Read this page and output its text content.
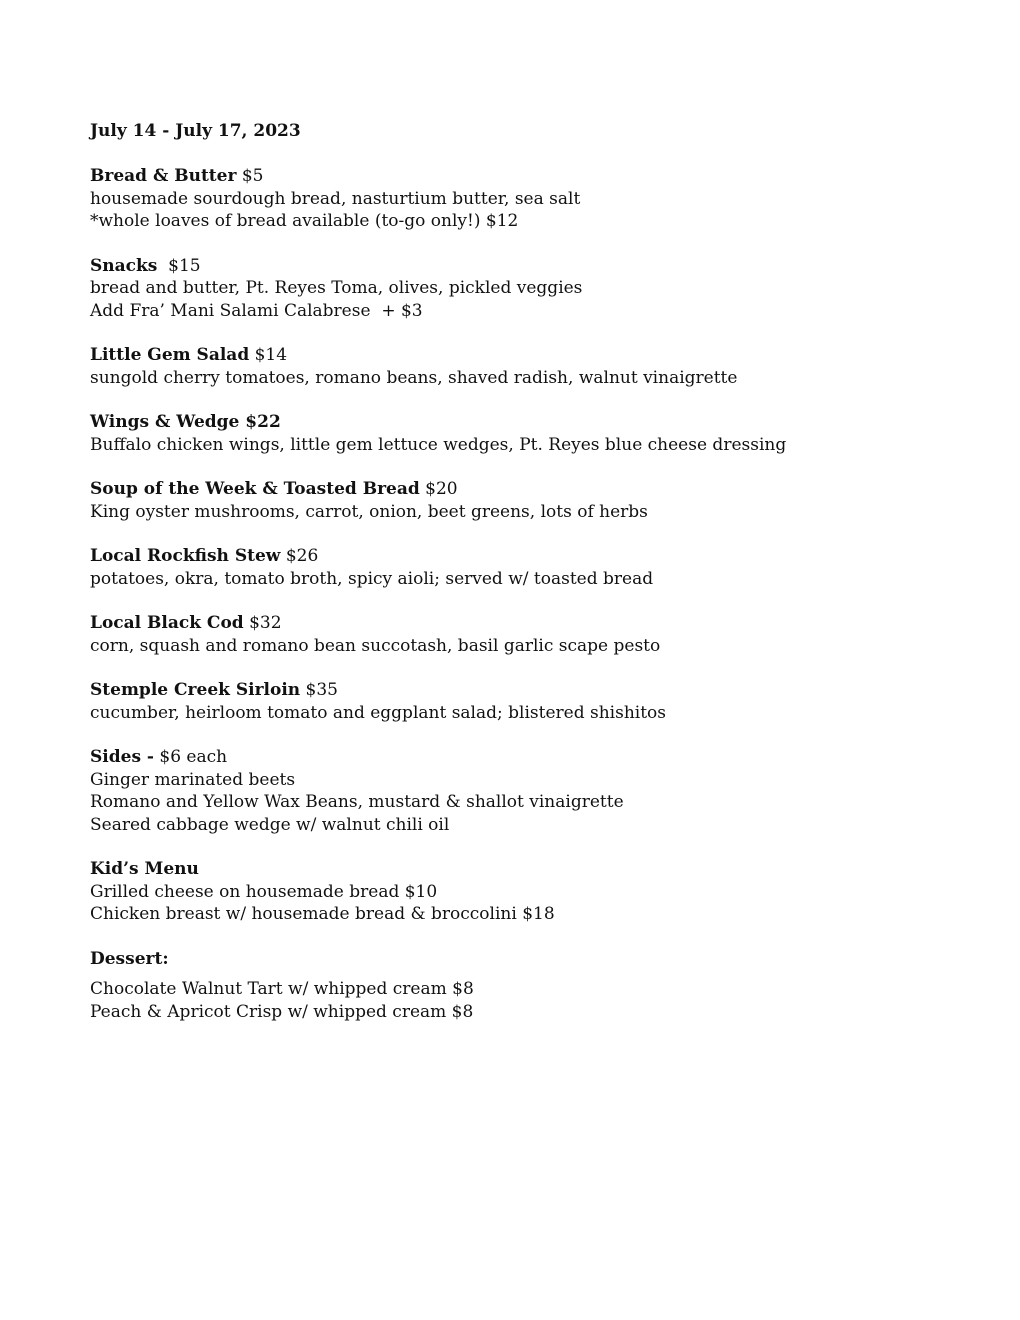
July 14 - July 17, 2023
Bread & Butter $5
housemade sourdough bread, nasturtium butter, sea salt
*whole loaves of bread available (to-go only!) $12
Snacks  $15
bread and butter, Pt. Reyes Toma, olives, pickled veggies
Add Fra’ Mani Salami Calabrese  + $3
Little Gem Salad $14
sungold cherry tomatoes, romano beans, shaved radish, walnut vinaigrette
Wings & Wedge $22
Buffalo chicken wings, little gem lettuce wedges, Pt. Reyes blue cheese dressing
Soup of the Week & Toasted Bread $20
King oyster mushrooms, carrot, onion, beet greens, lots of herbs
Local Rockfish Stew $26
potatoes, okra, tomato broth, spicy aioli; served w/ toasted bread
Local Black Cod $32
corn, squash and romano bean succotash, basil garlic scape pesto
Stemple Creek Sirloin $35
cucumber, heirloom tomato and eggplant salad; blistered shishitos
Sides - $6 each
Ginger marinated beets
Romano and Yellow Wax Beans, mustard & shallot vinaigrette
Seared cabbage wedge w/ walnut chili oil
Kid’s Menu
Grilled cheese on housemade bread $10
Chicken breast w/ housemade bread & broccolini $18
Dessert:
Chocolate Walnut Tart w/ whipped cream $8
Peach & Apricot Crisp w/ whipped cream $8
